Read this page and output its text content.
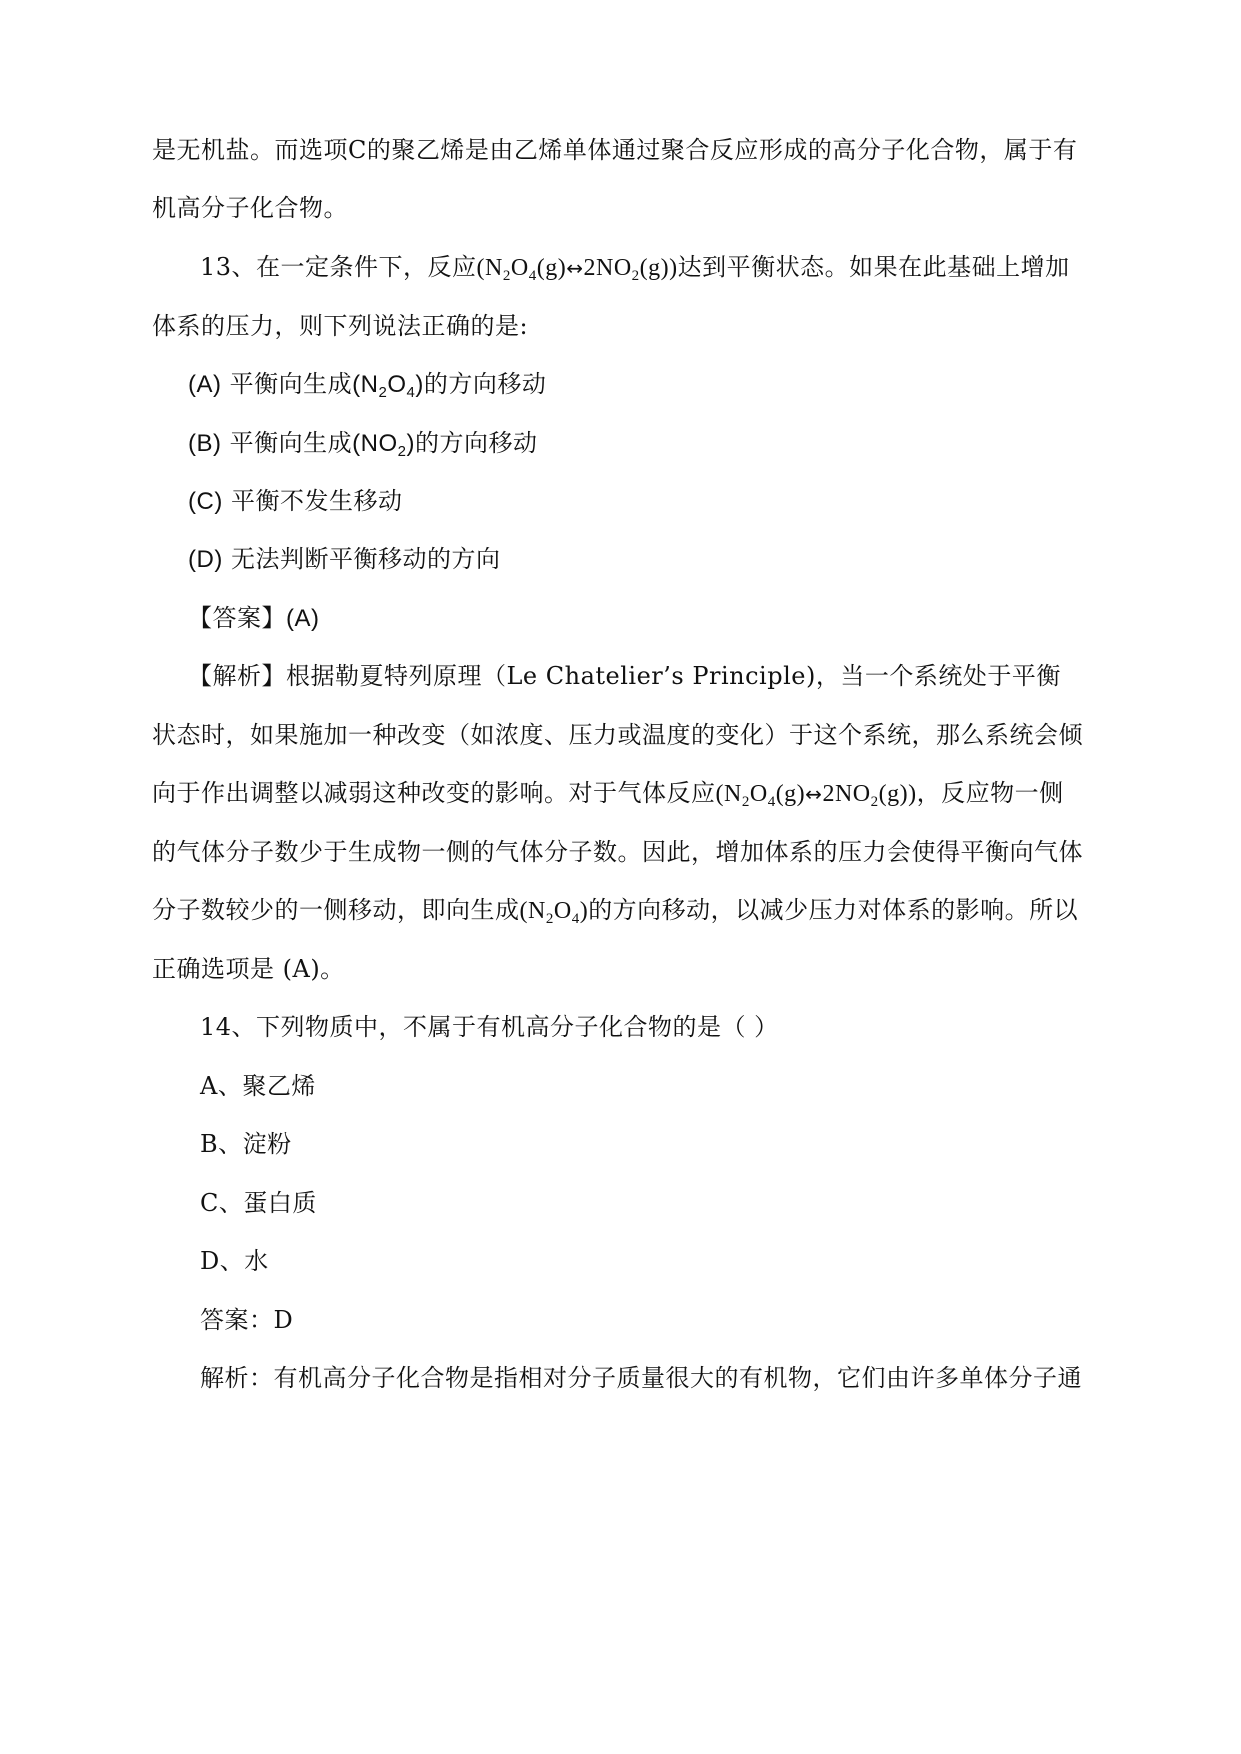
是无机盐。而选项C的聚乙烯是由乙烯单体通过聚合反应形成的高分子化合物，属于有
机高分子化合物。
13、在一定条件下，反应$(N_2O_4(g)\leftrightarrow 2NO_2(g))$达到平衡状态。如果在此基础上增加
体系的压力，则下列说法正确的是:
(A) 平衡向生成$(N_2O_4)$的方向移动
(B) 平衡向生成$(NO_2)$的方向移动
(C) 平衡不发生移动
(D) 无法判断平衡移动的方向
【答案】(A)
【解析】根据勒夏特列原理（Le Chatelier’s Principle)，当一个系统处于平衡
状态时，如果施加一种改变（如浓度、压力或温度的变化）于这个系统，那么系统会倾
向于作出调整以减弱这种改变的影响。对于气体反应$(N_2O_4(g)\leftrightarrow 2NO_2(g))$，反应物一侧
的气体分子数少于生成物一侧的气体分子数。因此，增加体系的压力会使得平衡向气体
分子数较少的一侧移动，即向生成$(N_2O_4)$的方向移动，以减少压力对体系的影响。所以
正确选项是 (A)。
14、下列物质中，不属于有机高分子化合物的是（ ）
A、聚乙烯
B、淀粉
C、蛋白质
D、水
答案：D
解析：有机高分子化合物是指相对分子质量很大的有机物，它们由许多单体分子通
